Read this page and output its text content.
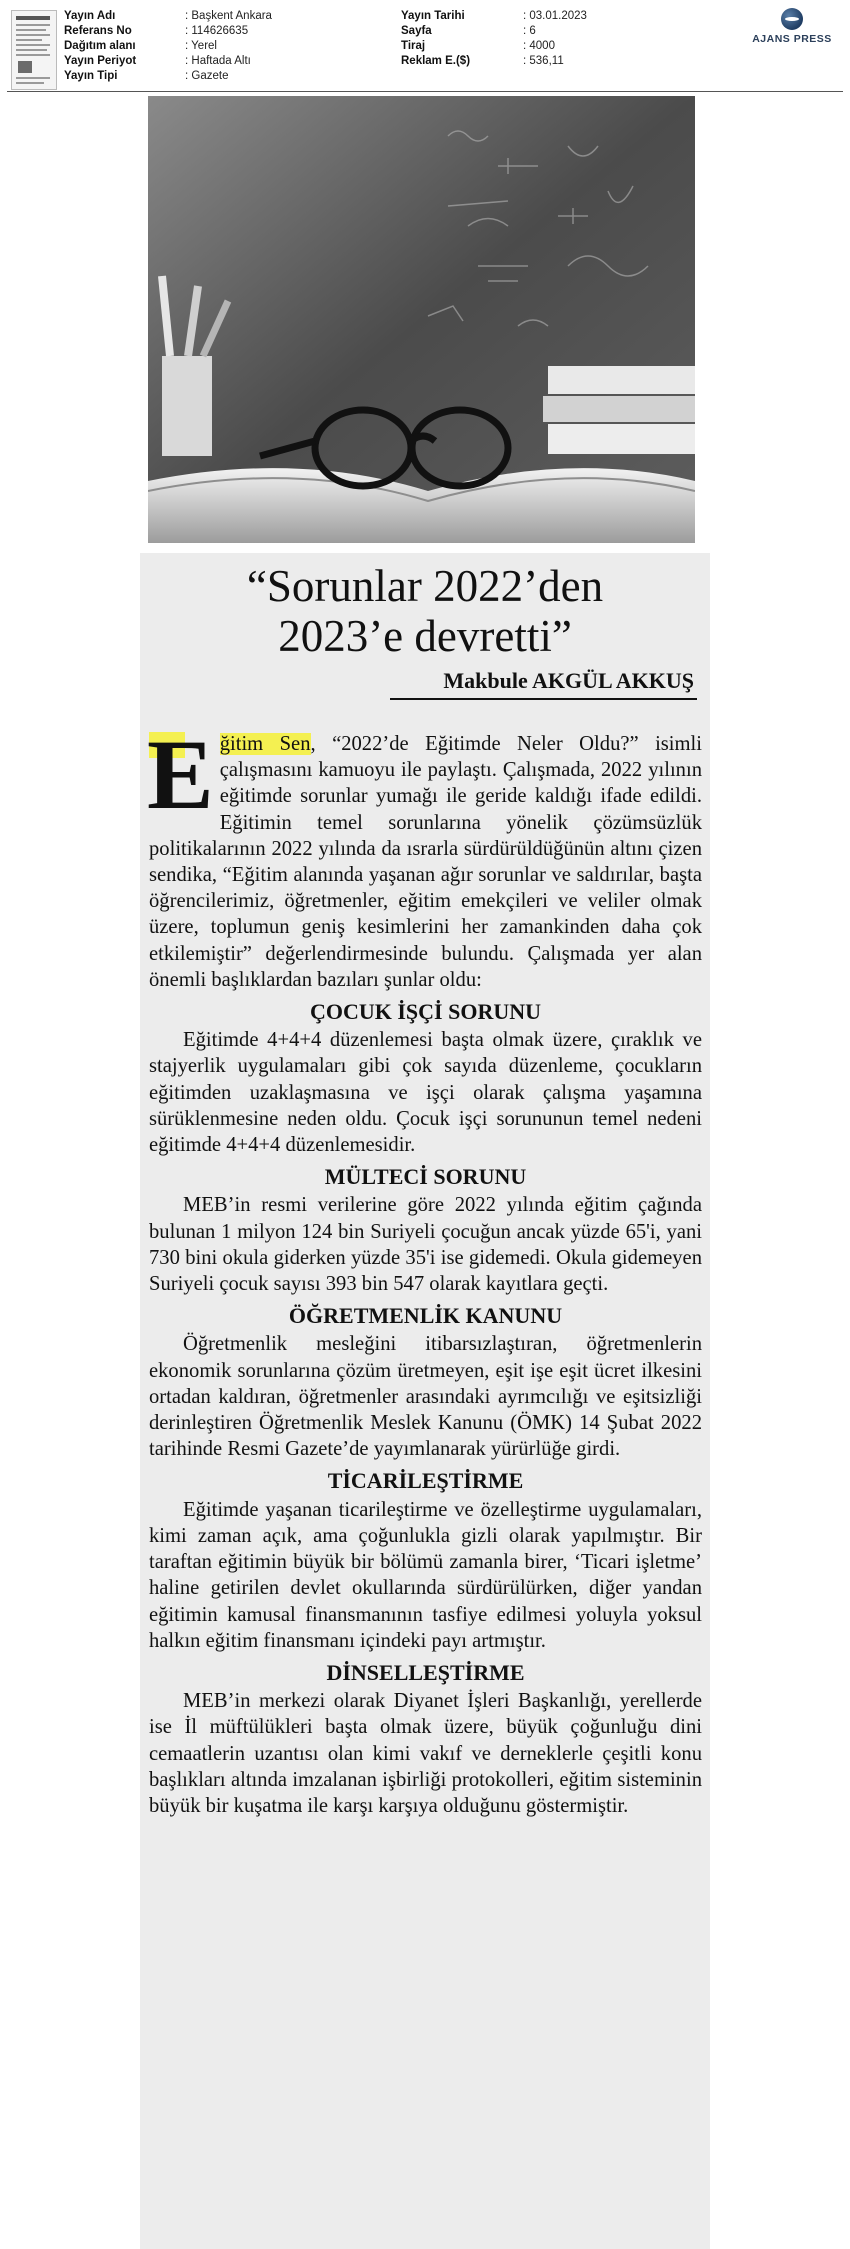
Yayın Adı	: Başkent Ankara
Referans No	: 114626635
Dağıtım alanı	: Yerel
Yayın Periyot	: Haftada Altı
Yayın Tipi	: Gazete
Yayın Tarihi	: 03.01.2023
Sayfa	: 6
Tiraj	: 4000
Reklam E.($)	: 536,11
AJANS PRESS
“Sorunlar 2022’den
2023’e devretti”
Makbule AKGÜL AKKUŞ

Eğitim Sen, “2022’de Eğitimde Neler Oldu?” isimli çalışmasını kamuoyu ile paylaştı. Çalışmada, 2022 yılının eğitimde sorunlar yumağı ile geride kaldığı ifade edildi. Eğitimin temel sorunlarına yönelik çözümsüzlük politikalarının 2022 yılında da ısrarla sürdürüldüğünün altını çizen sendika, “Eğitim alanında yaşanan ağır sorunlar ve saldırılar, başta öğrencilerimiz, öğretmenler, eğitim emekçileri ve veliler olmak üzere, toplumun geniş kesimlerini her zamankinden daha çok etkilemiştir” değerlendirmesinde bulundu. Çalışmada yer alan önemli başlıklardan bazıları şunlar oldu:

ÇOCUK İŞÇİ SORUNU

Eğitimde 4+4+4 düzenlemesi başta olmak üzere, çıraklık ve stajyerlik uygulamaları gibi çok sayıda düzenleme, çocukların eğitimden uzaklaşmasına ve işçi olarak çalışma yaşamına sürüklenmesine neden oldu. Çocuk işçi sorununun temel nedeni eğitimde 4+4+4 düzenlemesidir.

MÜLTECİ SORUNU

MEB’in resmi verilerine göre 2022 yılında eğitim çağında bulunan 1 milyon 124 bin Suriyeli çocuğun ancak yüzde 65'i, yani 730 bini okula giderken yüzde 35'i ise gidemedi. Okula gidemeyen Suriyeli çocuk sayısı 393 bin 547 olarak kayıtlara geçti.

ÖĞRETMENLİK KANUNU

Öğretmenlik mesleğini itibarsızlaştıran, öğretmenlerin ekonomik sorunlarına çözüm üretmeyen, eşit işe eşit ücret ilkesini ortadan kaldıran, öğretmenler arasındaki ayrımcılığı ve eşitsizliği derinleştiren Öğretmenlik Meslek Kanunu (ÖMK) 14 Şubat 2022 tarihinde Resmi Gazete’de yayımlanarak yürürlüğe girdi.

TİCARİLEŞTİRME

Eğitimde yaşanan ticarileştirme ve özelleştirme uygulamaları, kimi zaman açık, ama çoğunlukla gizli olarak yapılmıştır. Bir taraftan eğitimin büyük bir bölümü zamanla birer, ‘Ticari işletme’ haline getirilen devlet okullarında sürdürülürken, diğer yandan eğitimin kamusal finansmanının tasfiye edilmesi yoluyla yoksul halkın eğitim finansmanı içindeki payı artmıştır.

DİNSELLEŞTİRME

MEB’in merkezi olarak Diyanet İşleri Başkanlığı, yerellerde ise İl müftülükleri başta olmak üzere, büyük çoğunluğu dini cemaatlerin uzantısı olan kimi vakıf ve derneklerle çeşitli konu başlıkları altında imzalanan işbirliği protokolleri, eğitim sisteminin büyük bir kuşatma ile karşı karşıya olduğunu göstermiştir.
